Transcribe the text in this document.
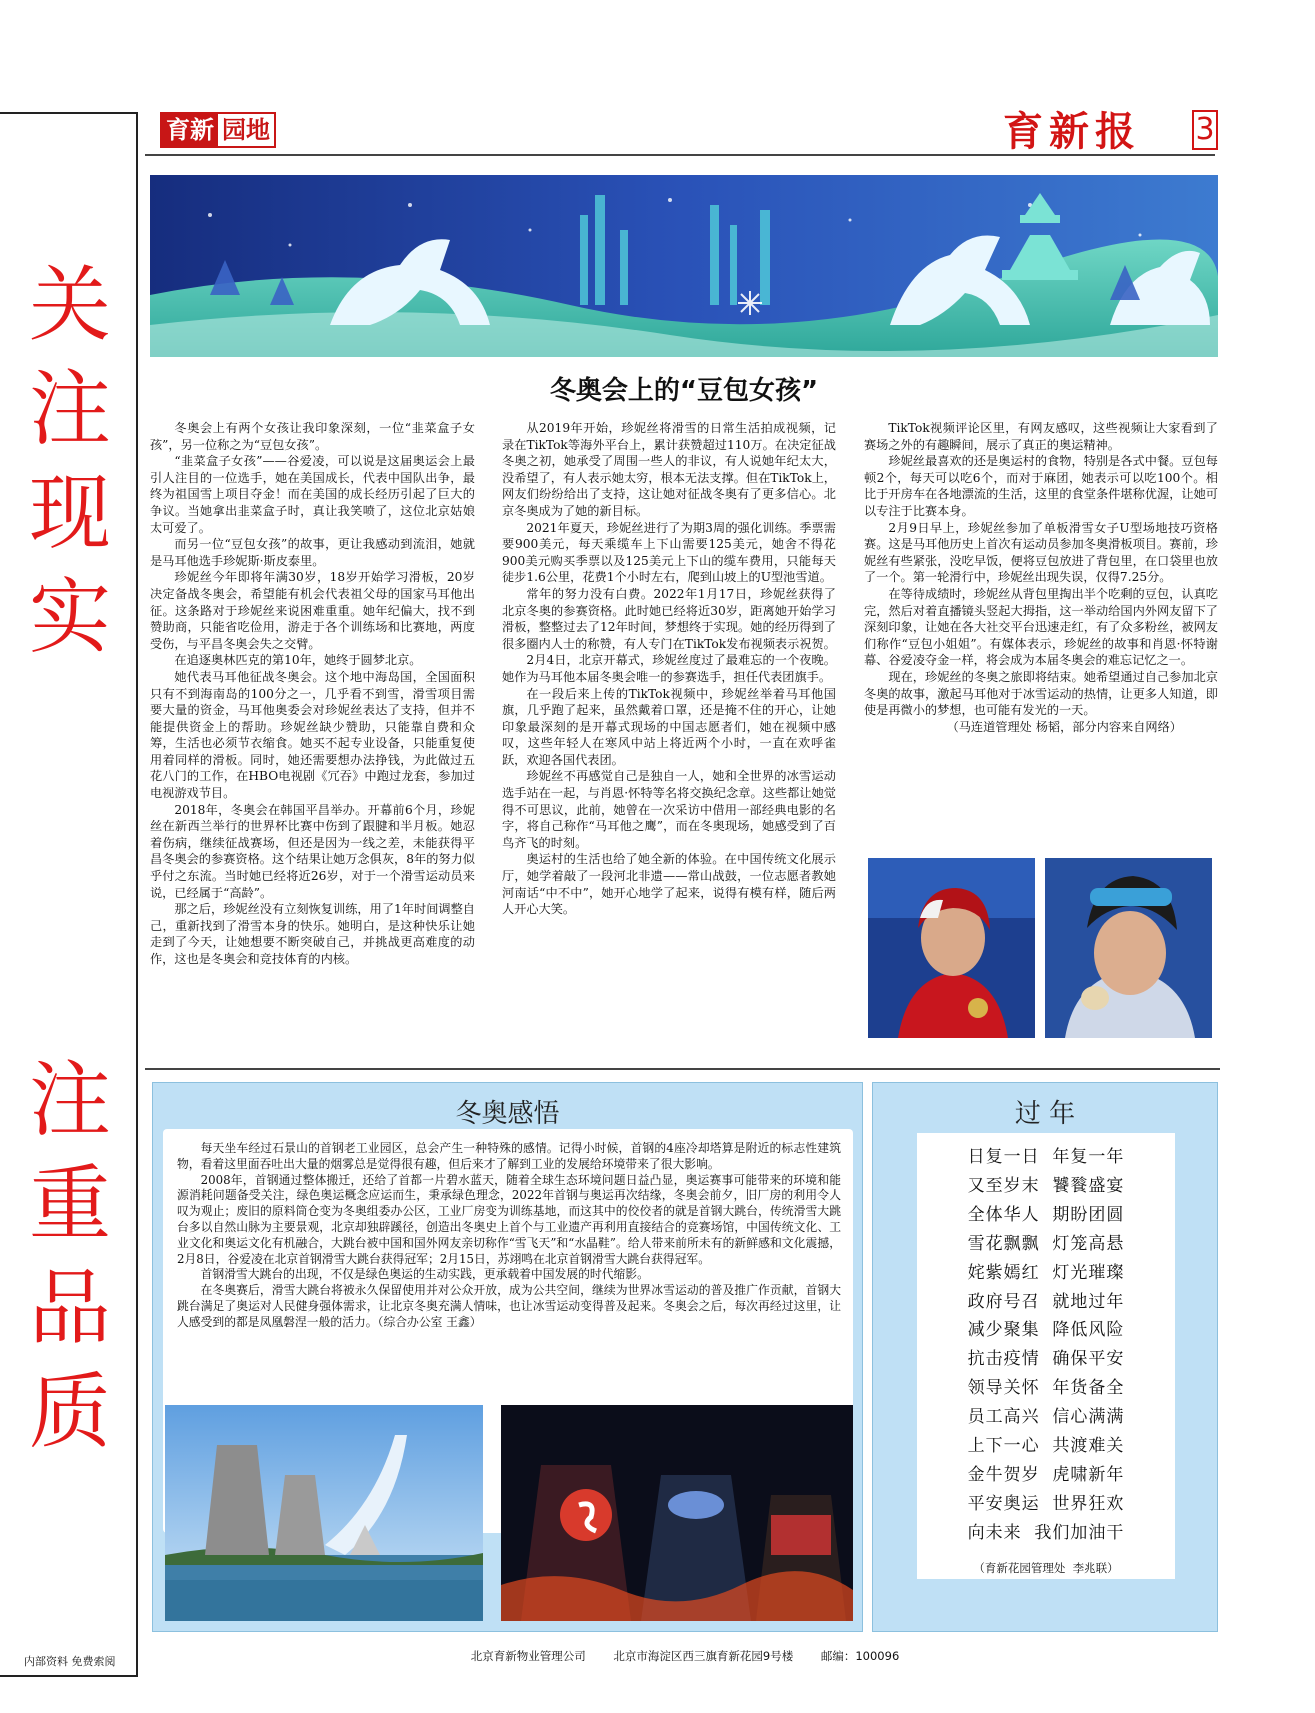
关注现实
注重品质
内部资料 免费索阅
育新 园地	育新报 3
冬奥会上的“豆包女孩”

冬奥会上有两个女孩让我印象深刻，一位“韭菜盒子女孩”，另一位称之为“豆包女孩”。

“韭菜盒子女孩”——谷爱凌，可以说是这届奥运会上最引人注目的一位选手，她在美国成长，代表中国队出争，最终为祖国雪上项目夺金！而在美国的成长经历引起了巨大的争议。当她拿出韭菜盒子时，真让我笑喷了，这位北京姑娘太可爱了。

而另一位“豆包女孩”的故事，更让我感动到流泪，她就是马耳他选手珍妮斯·斯皮泰里。

珍妮丝今年即将年满30岁，18岁开始学习滑板，20岁决定备战冬奥会，希望能有机会代表祖父母的国家马耳他出征。这条路对于珍妮丝来说困难重重。她年纪偏大，找不到赞助商，只能省吃俭用，游走于各个训练场和比赛地，两度受伤，与平昌冬奥会失之交臂。

在追逐奥林匹克的第10年，她终于圆梦北京。

她代表马耳他征战冬奥会。这个地中海岛国，全国面积只有不到海南岛的100分之一，几乎看不到雪，滑雪项目需要大量的资金，马耳他奥委会对珍妮丝表达了支持，但并不能提供资金上的帮助。珍妮丝缺少赞助，只能靠自费和众筹，生活也必须节衣缩食。她买不起专业设备，只能重复使用着同样的滑板。同时，她还需要想办法挣钱，为此做过五花八门的工作，在HBO电视剧《冗吞》中跑过龙套，参加过电视游戏节目。

2018年，冬奥会在韩国平昌举办。开幕前6个月，珍妮丝在新西兰举行的世界杯比赛中伤到了跟腱和半月板。她忍着伤病，继续征战赛场，但还是因为一线之差，未能获得平昌冬奥会的参赛资格。这个结果让她万念俱灰，8年的努力似乎付之东流。当时她已经将近26岁，对于一个滑雪运动员来说，已经属于“高龄”。

那之后，珍妮丝没有立刻恢复训练，用了1年时间调整自己，重新找到了滑雪本身的快乐。她明白，是这种快乐让她走到了今天，让她想要不断突破自己，并挑战更高难度的动作，这也是冬奥会和竞技体育的内核。

从2019年开始，珍妮丝将滑雪的日常生活拍成视频，记录在TikTok等海外平台上，累计获赞超过110万。在决定征战冬奥之初，她承受了周围一些人的非议，有人说她年纪太大，没希望了，有人表示她太穷，根本无法支撑。但在TikTok上，网友们纷纷给出了支持，这让她对征战冬奥有了更多信心。北京冬奥成为了她的新目标。

2021年夏天，珍妮丝进行了为期3周的强化训练。季票需要900美元，每天乘缆车上下山需要125美元，她舍不得花900美元购买季票以及125美元上下山的缆车费用，只能每天徒步1.6公里，花费1个小时左右，爬到山坡上的U型池雪道。

常年的努力没有白费。2022年1月17日，珍妮丝获得了北京冬奥的参赛资格。此时她已经将近30岁，距离她开始学习滑板，整整过去了12年时间，梦想终于实现。她的经历得到了很多圈内人士的称赞，有人专门在TikTok发布视频表示祝贺。

2月4日，北京开幕式，珍妮丝度过了最难忘的一个夜晚。她作为马耳他本届冬奥会唯一的参赛选手，担任代表团旗手。

在一段后来上传的TikTok视频中，珍妮丝举着马耳他国旗，几乎跑了起来，虽然戴着口罩，还是掩不住的开心，让她印象最深刻的是开幕式现场的中国志愿者们，她在视频中感叹，这些年轻人在寒风中站上将近两个小时，一直在欢呼雀跃，欢迎各国代表团。

珍妮丝不再感觉自己是独自一人，她和全世界的冰雪运动选手站在一起，与肖恩·怀特等名将交换纪念章。这些都让她觉得不可思议，此前，她曾在一次采访中借用一部经典电影的名字，将自己称作“马耳他之鹰”，而在冬奥现场，她感受到了百鸟齐飞的时刻。

奥运村的生活也给了她全新的体验。在中国传统文化展示厅，她学着敲了一段河北非遗——常山战鼓，一位志愿者教她河南话“中不中”，她开心地学了起来，说得有模有样，随后两人开心大笑。

TikTok视频评论区里，有网友感叹，这些视频让大家看到了赛场之外的有趣瞬间，展示了真正的奥运精神。

珍妮丝最喜欢的还是奥运村的食物，特别是各式中餐。豆包每顿2个，每天可以吃6个，而对于麻团，她表示可以吃100个。相比于开房车在各地漂流的生活，这里的食堂条件堪称优渥，让她可以专注于比赛本身。

2月9日早上，珍妮丝参加了单板滑雪女子U型场地技巧资格赛。这是马耳他历史上首次有运动员参加冬奥滑板项目。赛前，珍妮丝有些紧张，没吃早饭，便将豆包放进了背包里，在口袋里也放了一个。第一轮滑行中，珍妮丝出现失误，仅得7.25分。

在等待成绩时，珍妮丝从背包里掏出半个吃剩的豆包，认真吃完，然后对着直播镜头竖起大拇指，这一举动给国内外网友留下了深刻印象，让她在各大社交平台迅速走红，有了众多粉丝，被网友们称作“豆包小姐姐”。有媒体表示，珍妮丝的故事和肖恩·怀特谢幕、谷爱凌夺金一样，将会成为本届冬奥会的难忘记忆之一。

现在，珍妮丝的冬奥之旅即将结束。她希望通过自己参加北京冬奥的故事，激起马耳他对于冰雪运动的热情，让更多人知道，即使是再微小的梦想，也可能有发光的一天。

（马连道管理处 杨韬，部分内容来自网络）

冬奥感悟

每天坐车经过石景山的首钢老工业园区，总会产生一种特殊的感情。记得小时候，首钢的4座冷却塔算是附近的标志性建筑物，看着这里面吞吐出大量的烟雾总是觉得很有趣，但后来才了解到工业的发展给环境带来了很大影响。

2008年，首钢通过整体搬迁，还给了首都一片碧水蓝天，随着全球生态环境问题日益凸显，奥运赛事可能带来的环境和能源消耗问题备受关注，绿色奥运概念应运而生，秉承绿色理念，2022年首钢与奥运再次结缘，冬奥会前夕，旧厂房的利用令人叹为观止；废旧的原料筒仓变为冬奥组委办公区，工业厂房变为训练基地，而这其中的佼佼者的就是首钢大跳台，传统滑雪大跳台多以自然山脉为主要景观，北京却独辟蹊径，创造出冬奥史上首个与工业遗产再利用直接结合的竞赛场馆，中国传统文化、工业文化和奥运文化有机融合，大跳台被中国和国外网友亲切称作“雪飞天”和“水晶鞋”。给人带来前所未有的新鲜感和文化震撼，2月8日，谷爱凌在北京首钢滑雪大跳台获得冠军；2月15日，苏翊鸣在北京首钢滑雪大跳台获得冠军。

首钢滑雪大跳台的出现，不仅是绿色奥运的生动实践，更承载着中国发展的时代缩影。

在冬奥赛后，滑雪大跳台将被永久保留使用并对公众开放，成为公共空间，继续为世界冰雪运动的普及推广作贡献，首钢大跳台满足了奥运对人民健身强体需求，让北京冬奥充满人情味，也让冰雪运动变得普及起来。冬奥会之后，每次再经过这里，让人感受到的都是凤凰磐涅一般的活力。（综合办公室 王鑫）

过 年
日复一日  年复一年
又至岁末  饕餮盛宴
全体华人  期盼团圆
雪花飘飘  灯笼高悬
姹紫嫣红  灯光璀璨
政府号召  就地过年
减少聚集  降低风险
抗击疫情  确保平安
领导关怀  年货备全
员工高兴  信心满满
上下一心  共渡难关
金牛贺岁  虎啸新年
平安奥运  世界狂欢
向未来  我们加油干
（育新花园管理处  李兆联）
北京育新物业管理公司 北京市海淀区西三旗育新花园9号楼 邮编：100096
